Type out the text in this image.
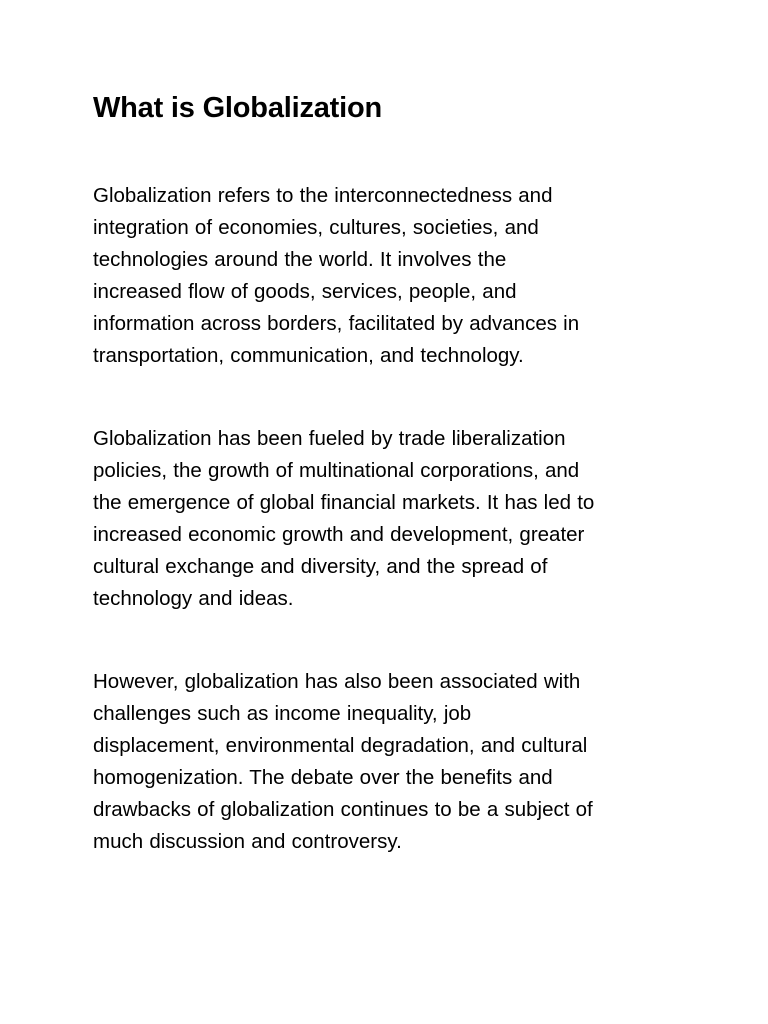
What is Globalization

Globalization refers to the interconnectedness and
integration of economies, cultures, societies, and
technologies around the world. It involves the
increased flow of goods, services, people, and
information across borders, facilitated by advances in
transportation, communication, and technology.

Globalization has been fueled by trade liberalization
policies, the growth of multinational corporations, and
the emergence of global financial markets. It has led to
increased economic growth and development, greater
cultural exchange and diversity, and the spread of
technology and ideas.

However, globalization has also been associated with
challenges such as income inequality, job
displacement, environmental degradation, and cultural
homogenization. The debate over the benefits and
drawbacks of globalization continues to be a subject of
much discussion and controversy.
